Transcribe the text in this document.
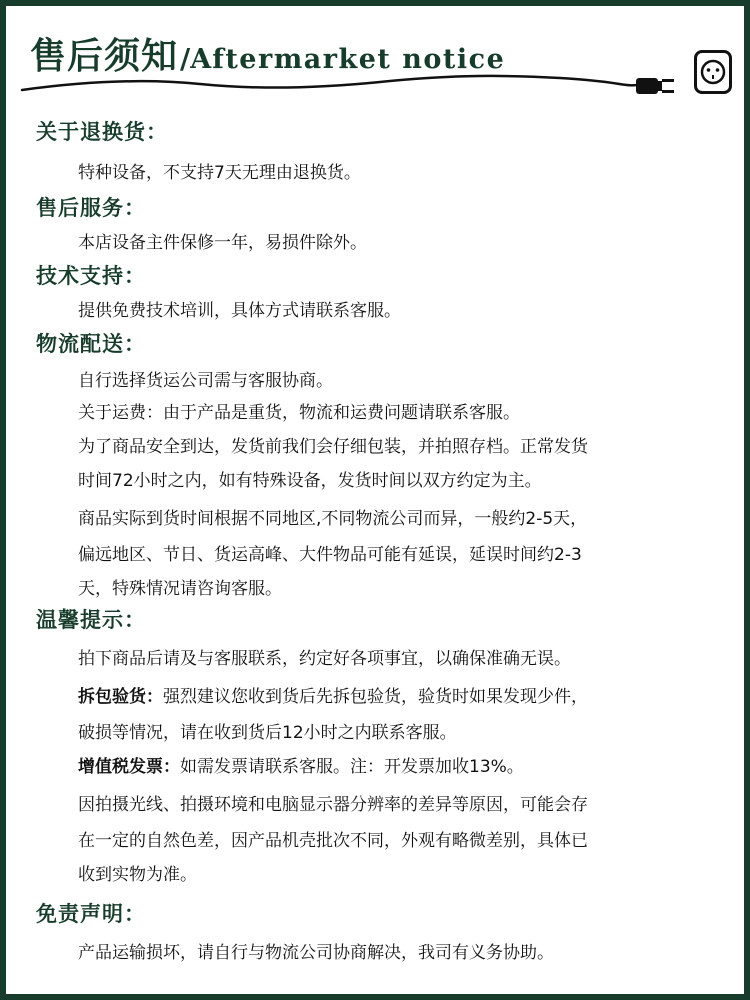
售后须知/Aftermarket notice
关于退换货：
特种设备，不支持7天无理由退换货。
售后服务：
本店设备主件保修一年，易损件除外。
技术支持：
提供免费技术培训，具体方式请联系客服。
物流配送：
自行选择货运公司需与客服协商。
关于运费：由于产品是重货，物流和运费问题请联系客服。
为了商品安全到达，发货前我们会仔细包装，并拍照存档。正常发货
时间72小时之内，如有特殊设备，发货时间以双方约定为主。
商品实际到货时间根据不同地区,不同物流公司而异，一般约2-5天，
偏远地区、节日、货运高峰、大件物品可能有延误，延误时间约2-3
天，特殊情况请咨询客服。
温馨提示：
拍下商品后请及与客服联系，约定好各项事宜，以确保准确无误。
拆包验货：强烈建议您收到货后先拆包验货，验货时如果发现少件，
破损等情况，请在收到货后12小时之内联系客服。
增值税发票：如需发票请联系客服。注：开发票加收13%。
因拍摄光线、拍摄环境和电脑显示器分辨率的差异等原因，可能会存
在一定的自然色差，因产品机壳批次不同，外观有略微差别，具体已
收到实物为准。
免责声明：
产品运输损坏，请自行与物流公司协商解决，我司有义务协助。
